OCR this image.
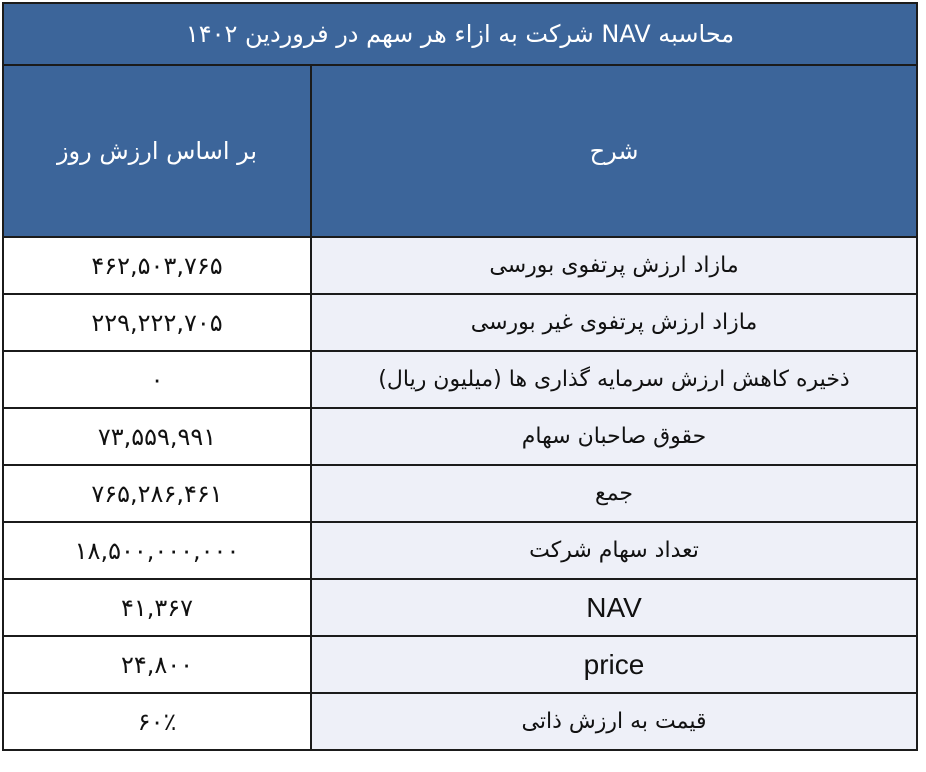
محاسبه NAV شرکت به ازاء هر سهم در فروردین ۱۴۰۲	
شرح	بر اساس ارزش روز
مازاد ارزش پرتفوی بورسی	۴۶۲,۵۰۳,۷۶۵
مازاد ارزش پرتفوی غیر بورسی	۲۲۹,۲۲۲,۷۰۵
ذخیره کاهش ارزش سرمایه گذاری ها (میلیون ریال)	۰
حقوق صاحبان سهام	۷۳,۵۵۹,۹۹۱
جمع	۷۶۵,۲۸۶,۴۶۱
تعداد سهام شرکت	۱۸,۵۰۰,۰۰۰,۰۰۰
NAV	۴۱,۳۶۷
price	۲۴,۸۰۰
قیمت به ارزش ذاتی	۶۰٪
